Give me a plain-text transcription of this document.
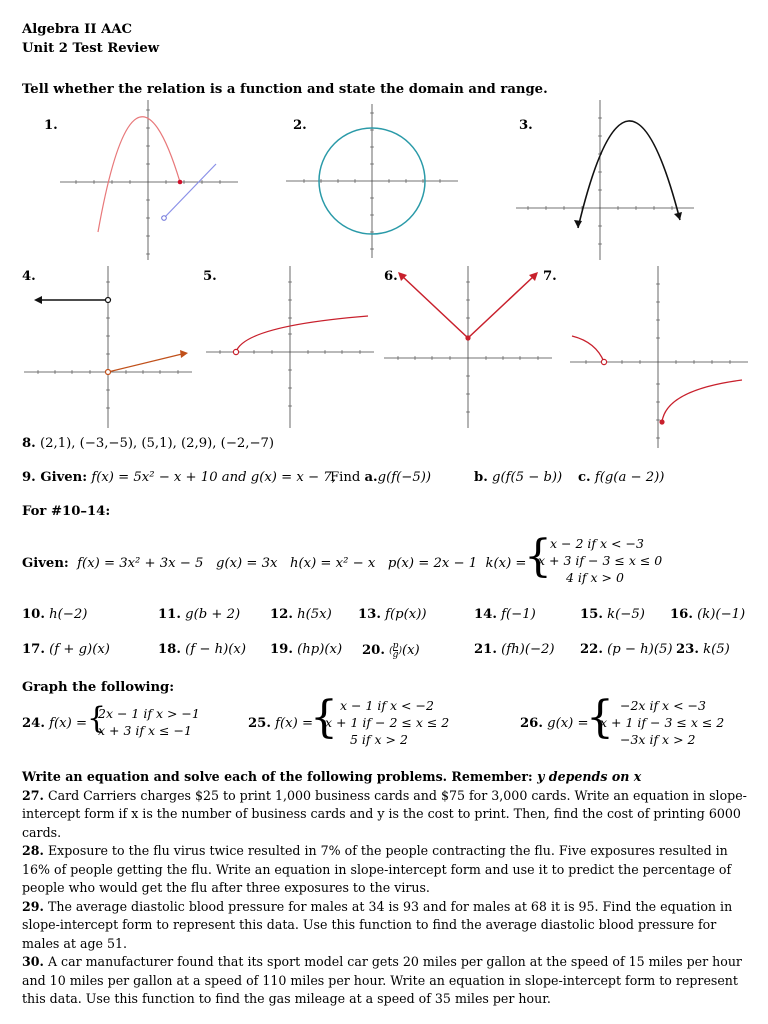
Algebra II AAC
Unit 2 Test Review
Tell whether the relation is a function and state the domain and range.
1.	2.	3.
4.	5.	6.	7.
8. (2,1), (−3,−5), (5,1), (2,9), (−2,−7)
9. Given: f(x) = 5x² − x + 10 and g(x) = x − 7,
Find a.g(f(−5))	b. g(f(5 − b)) c. f(g(a − 2))
For #10–14:
Given: f(x) = 3x² + 3x − 5 g(x) = 3x h(x) = x² − x p(x) = 2x − 1 k(x) =
{
x − 2 if x < −3
x + 3 if − 3 ≤ x ≤ 0
4 if x > 0
10. h(−2)	11. g(b + 2) 12. h(5x) 13. f(p(x))	14. f(−1)	15. k(−5) 16. (k)(−1)
17. (f + g)(x)	18. (f − h)(x) 19. (hp)(x) 20. ( $\frac{p}{g} )(x)$	21. (fh)(−2) 22. (p − h)(5) 23. k(5)
Graph the following:
24. f(x) = {
2x − 1 if x > −1
x + 3 if x ≤ −1	25. f(x) =
{ x − 1 if x < −2
x + 1 if − 2 ≤ x ≤ 2
5 if x > 2
26. g(x) =
{ −2x if x < −3
x + 1 if − 3 ≤ x ≤ 2
−3x if x > 2

Write an equation and solve each of the following problems. Remember: y depends on x

27. Card Carriers charges $25 to print 1,000 business cards and $75 for 3,000 cards. Write an equation in slope-intercept form if x is the number of business cards and y is the cost to print. Then, find the cost of printing 6000 cards.

28. Exposure to the flu virus twice resulted in 7% of the people contracting the flu. Five exposures resulted in 16% of people getting the flu. Write an equation in slope-intercept form and use it to predict the percentage of people who would get the flu after three exposures to the virus.

29. The average diastolic blood pressure for males at 34 is 93 and for males at 68 it is 95. Find the equation in slope-intercept form to represent this data. Use this function to find the average diastolic blood pressure for males at age 51.

30. A car manufacturer found that its sport model car gets 20 miles per gallon at the speed of 15 miles per hour and 10 miles per gallon at a speed of 110 miles per hour. Write an equation in slope-intercept form to represent this data. Use this function to find the gas mileage at a speed of 35 miles per hour.
